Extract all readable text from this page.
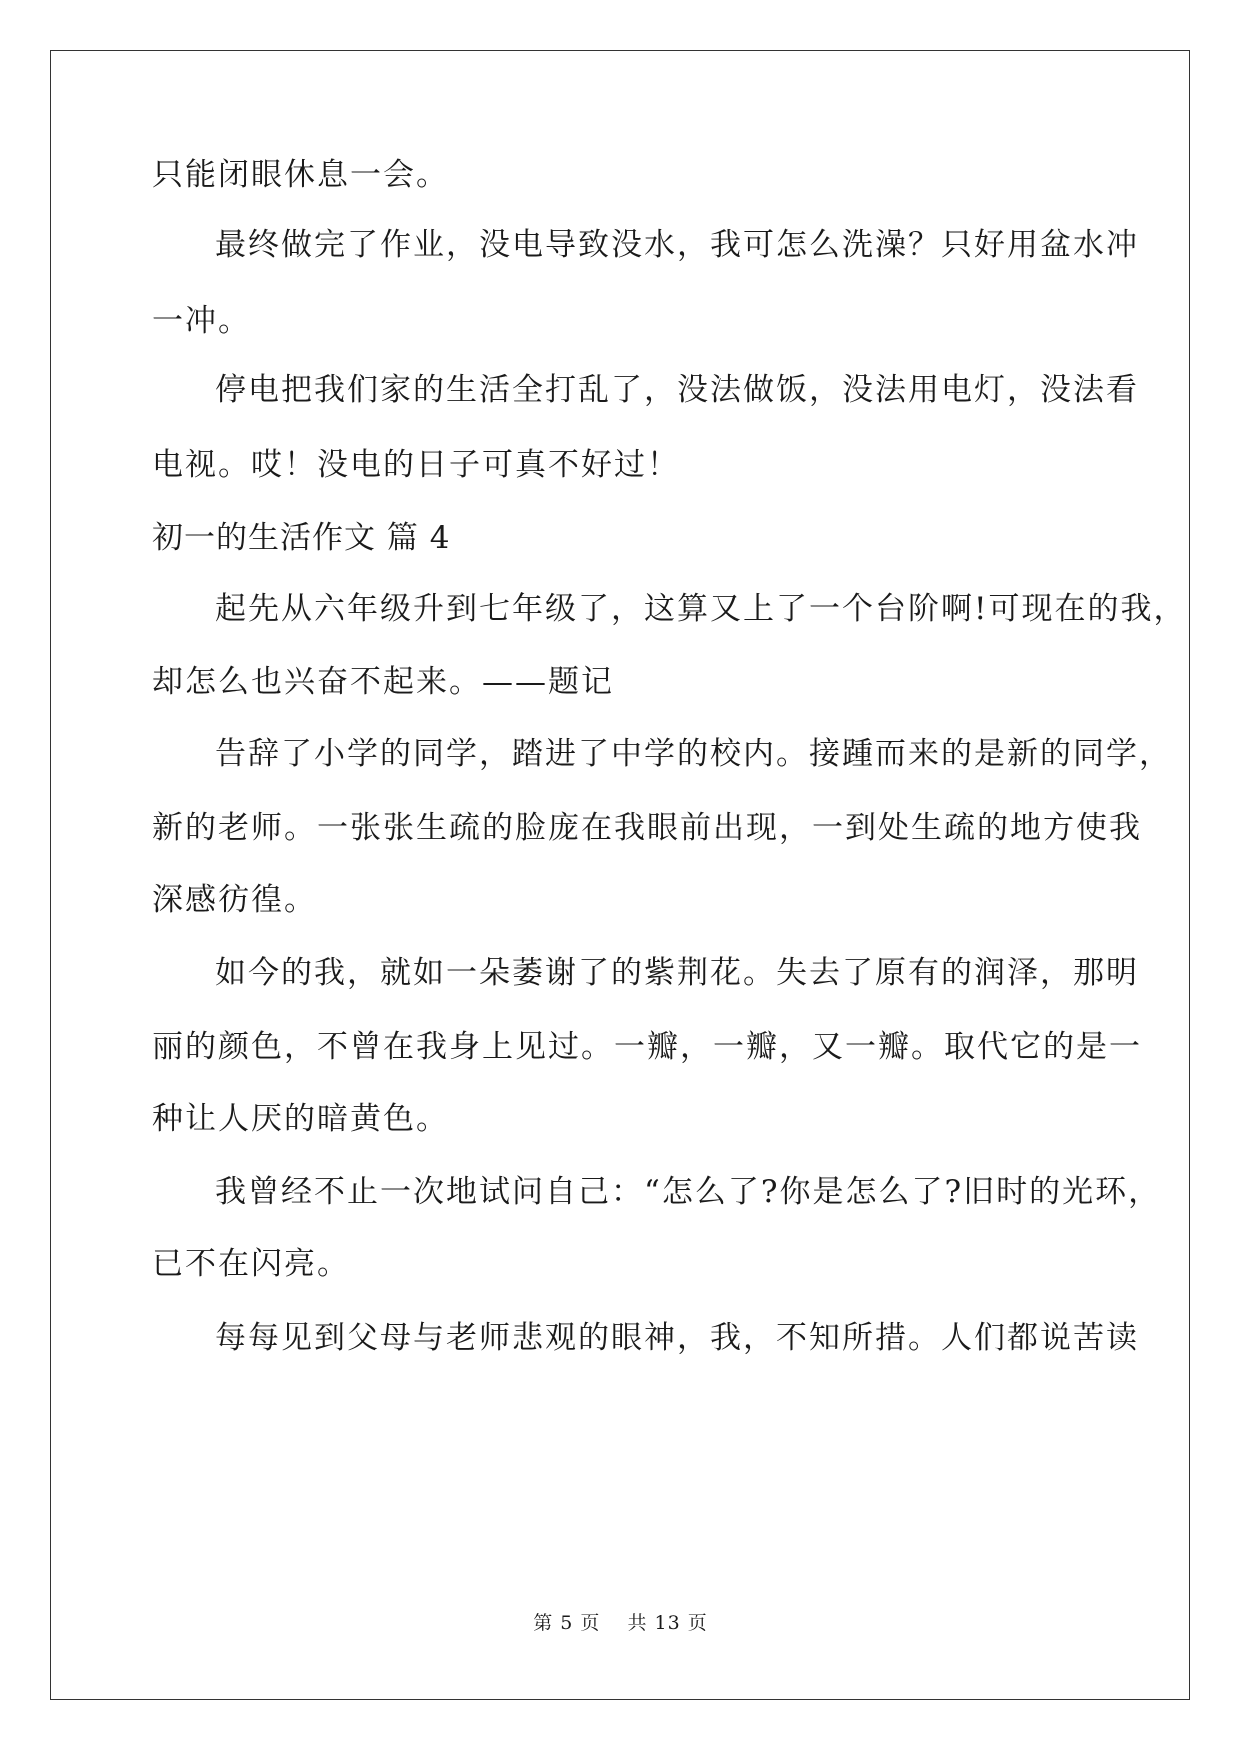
只能闭眼休息一会。
最终做完了作业，没电导致没水，我可怎么洗澡？只好用盆水冲
一冲。
停电把我们家的生活全打乱了，没法做饭，没法用电灯，没法看
电视。哎！没电的日子可真不好过！
初一的生活作文 篇 4
起先从六年级升到七年级了，这算又上了一个台阶啊!可现在的我，
却怎么也兴奋不起来。——题记
告辞了小学的同学，踏进了中学的校内。接踵而来的是新的同学，
新的老师。一张张生疏的脸庞在我眼前出现，一到处生疏的地方使我
深感彷徨。
如今的我，就如一朵萎谢了的紫荆花。失去了原有的润泽，那明
丽的颜色，不曾在我身上见过。一瓣，一瓣，又一瓣。取代它的是一
种让人厌的暗黄色。
我曾经不止一次地试问自己：“怎么了?你是怎么了?旧时的光环，
已不在闪亮。
每每见到父母与老师悲观的眼神，我，不知所措。人们都说苦读
第 5 页 共 13 页
